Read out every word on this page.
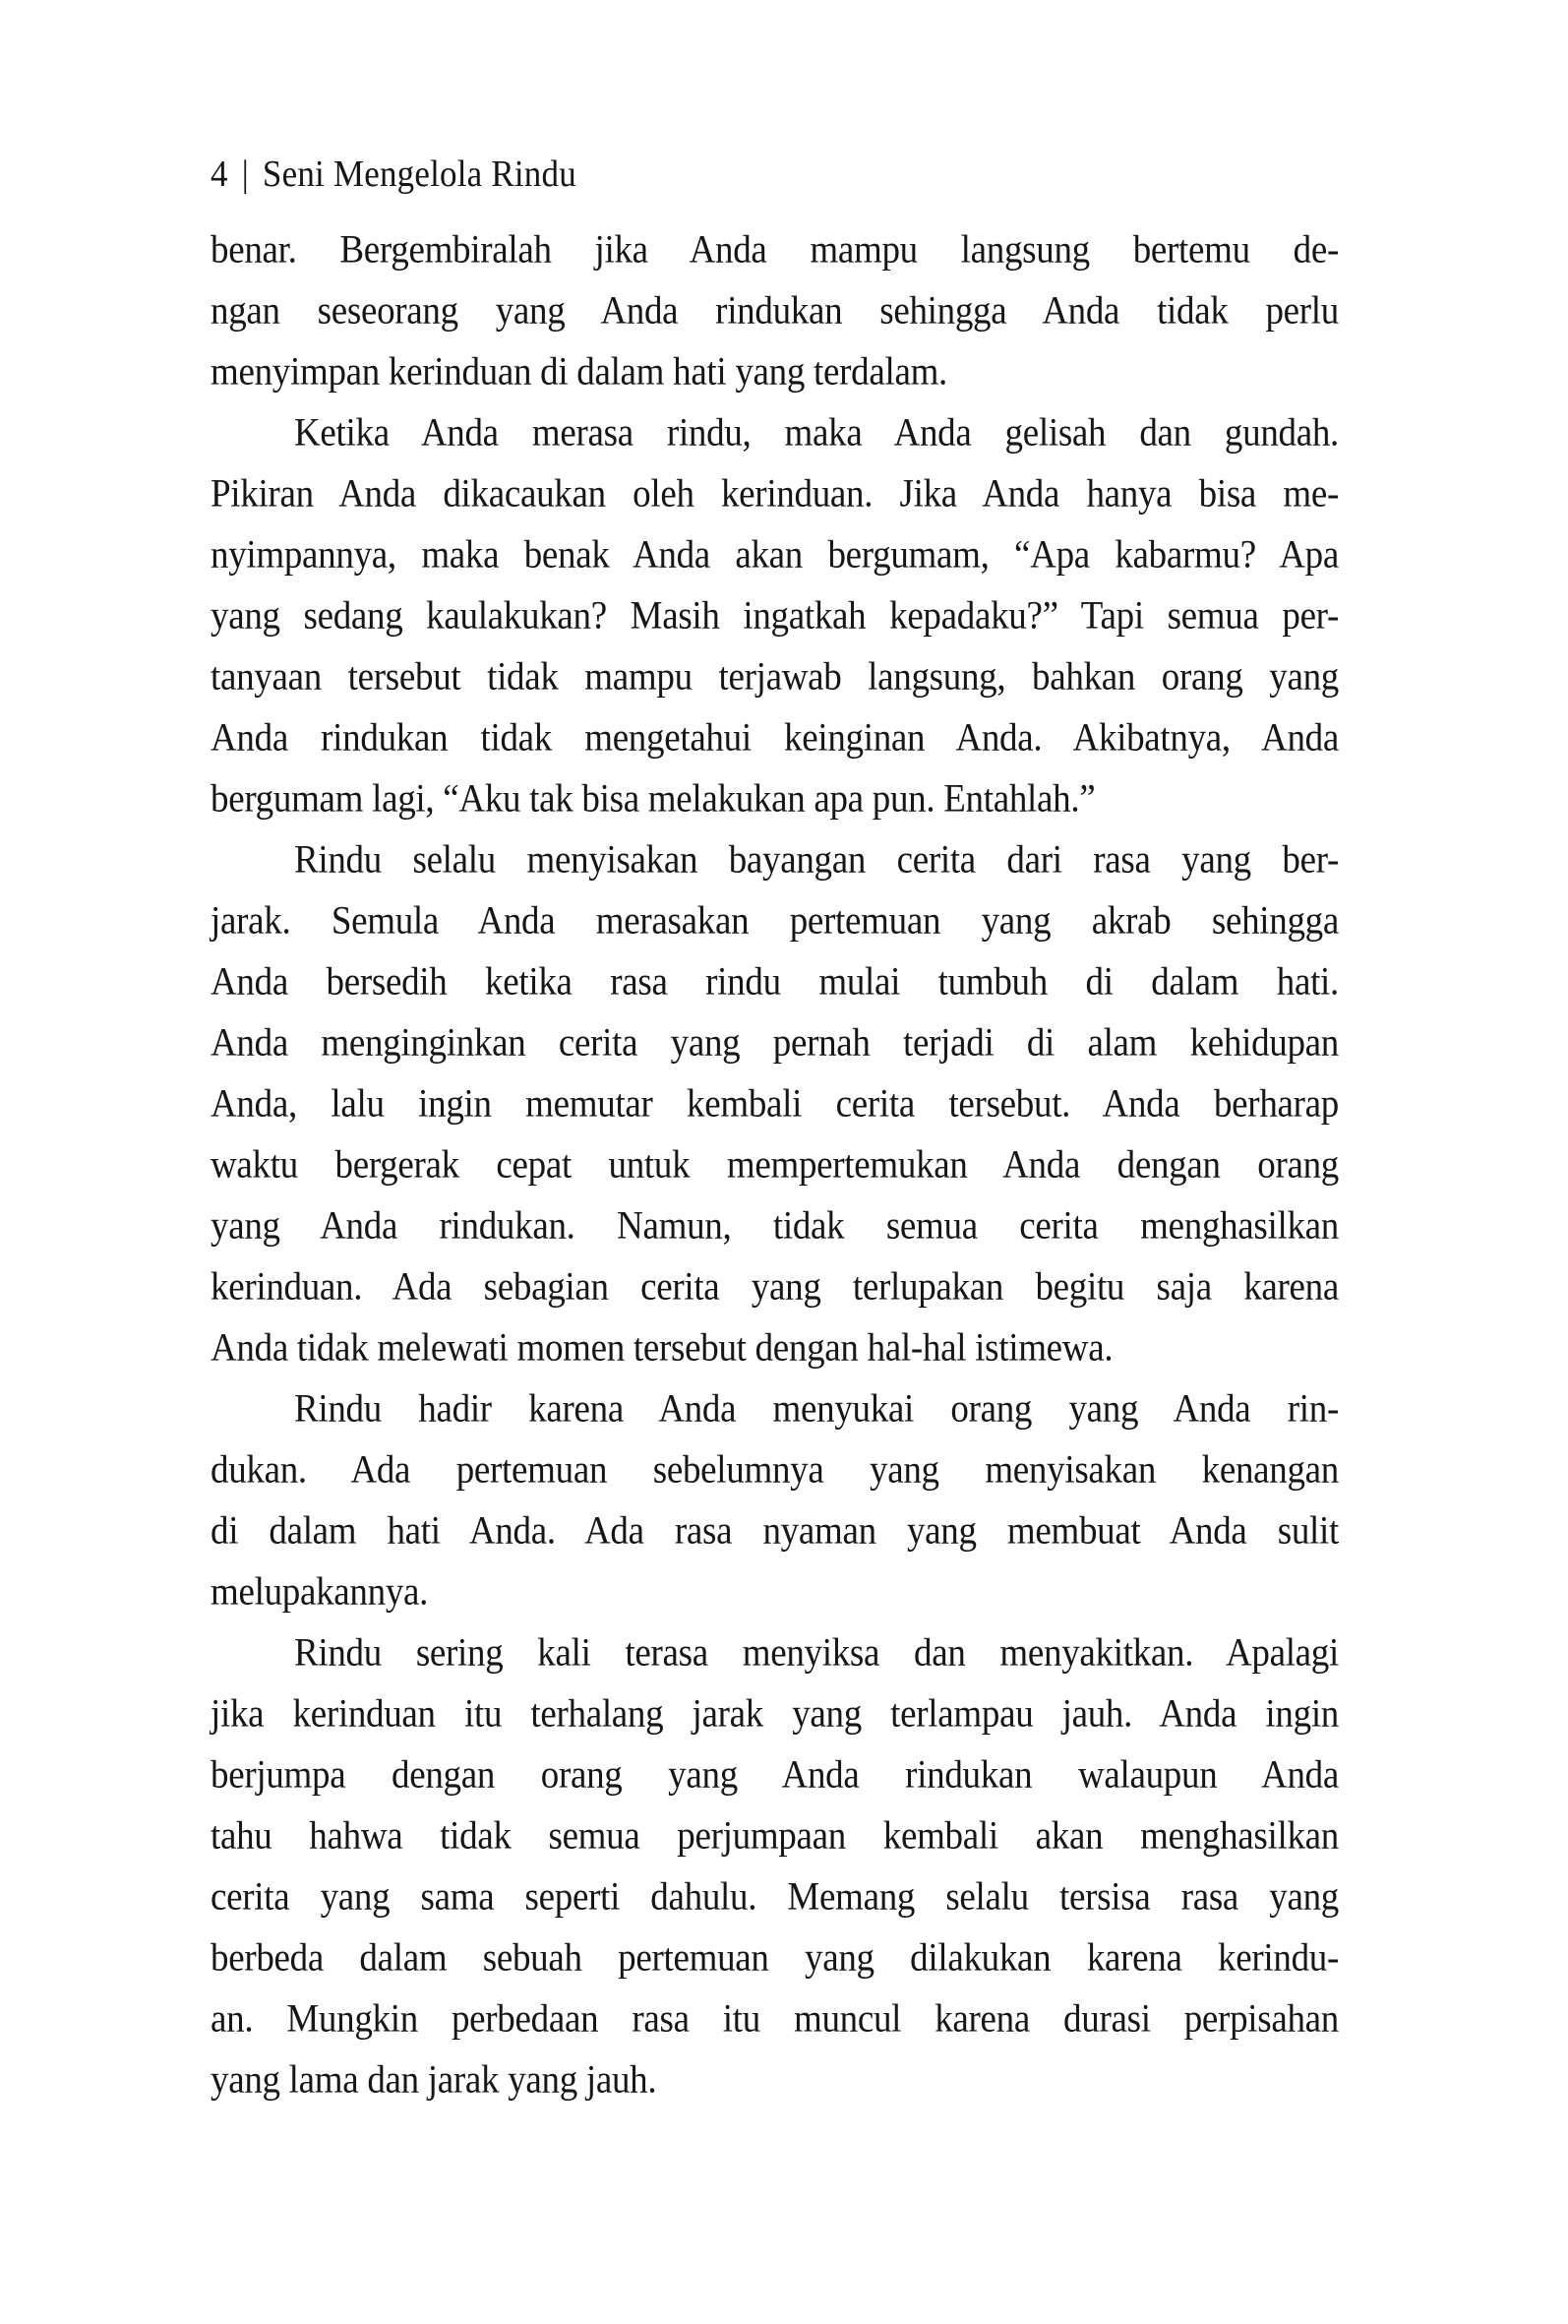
4 | Seni Mengelola Rindu
benar. Bergembiralah jika Anda mampu langsung bertemu de-
ngan seseorang yang Anda rindukan sehingga Anda tidak perlu
menyimpan kerinduan di dalam hati yang terdalam.
Ketika Anda merasa rindu, maka Anda gelisah dan gundah.
Pikiran Anda dikacaukan oleh kerinduan. Jika Anda hanya bisa me-
nyimpannya, maka benak Anda akan bergumam, “Apa kabarmu? Apa
yang sedang kaulakukan? Masih ingatkah kepadaku?” Tapi semua per-
tanyaan tersebut tidak mampu terjawab langsung, bahkan orang yang
Anda rindukan tidak mengetahui keinginan Anda. Akibatnya, Anda
bergumam lagi, “Aku tak bisa melakukan apa pun. Entahlah.”
Rindu selalu menyisakan bayangan cerita dari rasa yang ber-
jarak. Semula Anda merasakan pertemuan yang akrab sehingga
Anda bersedih ketika rasa rindu mulai tumbuh di dalam hati.
Anda menginginkan cerita yang pernah terjadi di alam kehidupan
Anda, lalu ingin memutar kembali cerita tersebut. Anda berharap
waktu bergerak cepat untuk mempertemukan Anda dengan orang
yang Anda rindukan. Namun, tidak semua cerita menghasilkan
kerinduan. Ada sebagian cerita yang terlupakan begitu saja karena
Anda tidak melewati momen tersebut dengan hal-hal istimewa.
Rindu hadir karena Anda menyukai orang yang Anda rin-
dukan. Ada pertemuan sebelumnya yang menyisakan kenangan
di dalam hati Anda. Ada rasa nyaman yang membuat Anda sulit
melupakannya.
Rindu sering kali terasa menyiksa dan menyakitkan. Apalagi
jika kerinduan itu terhalang jarak yang terlampau jauh. Anda ingin
berjumpa dengan orang yang Anda rindukan walaupun Anda
tahu hahwa tidak semua perjumpaan kembali akan menghasilkan
cerita yang sama seperti dahulu. Memang selalu tersisa rasa yang
berbeda dalam sebuah pertemuan yang dilakukan karena kerindu-
an. Mungkin perbedaan rasa itu muncul karena durasi perpisahan
yang lama dan jarak yang jauh.
